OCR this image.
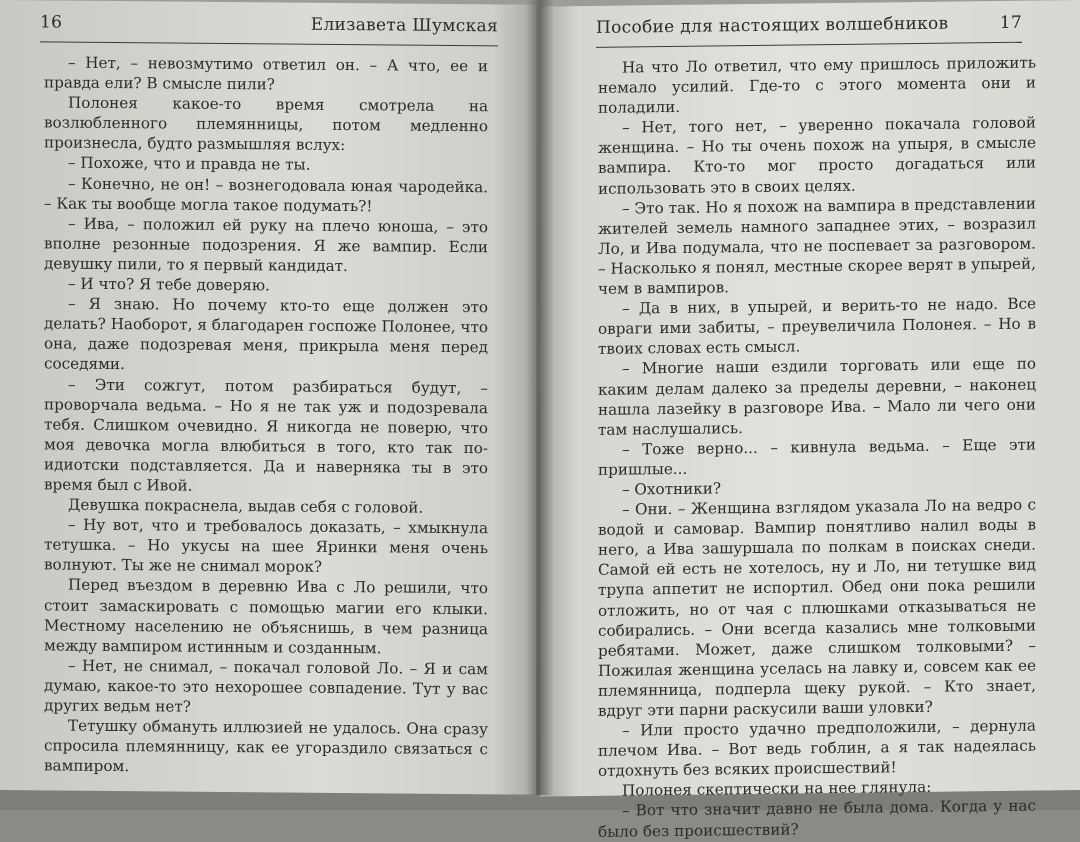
16	Елизавета Шумская

– Нет, – невозмутимо ответил он. – А что, ее и правда ели? В смысле пили?

Полонея какое-то время смотрела на возлюбленного племянницы, потом медленно произнесла, будто размышляя вслух:

– Похоже, что и правда не ты.

– Конечно, не он! – вознегодовала юная чародейка. – Как ты вообще могла такое подумать?!

– Ива, – положил ей руку на плечо юноша, – это вполне резонные подозрения. Я же вампир. Если девушку пили, то я первый кандидат.

– И что? Я тебе доверяю.

– Я знаю. Но почему кто-то еще должен это делать? Наоборот, я благодарен госпоже Полонее, что она, даже подозревая меня, прикрыла меня перед соседями.

– Эти сожгут, потом разбираться будут, – проворчала ведьма. – Но я не так уж и подозревала тебя. Слишком очевидно. Я никогда не поверю, что моя девочка могла влюбиться в того, кто так по-идиотски подставляется. Да и наверняка ты в это время был с Ивой.

Девушка покраснела, выдав себя с головой.

– Ну вот, что и требовалось доказать, – хмыкнула тетушка. – Но укусы на шее Яринки меня очень волнуют. Ты же не снимал морок?

Перед въездом в деревню Ива с Ло решили, что стоит замаскировать с помощью магии его клыки. Местному населению не объяснишь, в чем разница между вампиром истинным и созданным.

– Нет, не снимал, – покачал головой Ло. – Я и сам думаю, какое-то это нехорошее совпадение. Тут у вас других ведьм нет?

Тетушку обмануть иллюзией не удалось. Она сразу спросила племянницу, как ее угораздило связаться с вампиром.

Пособие для настоящих волшебников	17

На что Ло ответил, что ему пришлось приложить немало усилий. Где-то с этого момента они и поладили.

– Нет, того нет, – уверенно покачала головой женщина. – Но ты очень похож на упыря, в смысле вампира. Кто-то мог просто догадаться или использовать это в своих целях.

– Это так. Но я похож на вампира в представлении жителей земель намного западнее этих, – возразил Ло, и Ива подумала, что не поспевает за разговором. – Насколько я понял, местные скорее верят в упырей, чем в вампиров.

– Да в них, в упырей, и верить-то не надо. Все овраги ими забиты, – преувеличила Полонея. – Но в твоих словах есть смысл.

– Многие наши ездили торговать или еще по каким делам далеко за пределы деревни, – наконец нашла лазейку в разговоре Ива. – Мало ли чего они там наслушались.

– Тоже верно... – кивнула ведьма. – Еще эти пришлые...

– Охотники?

– Они. – Женщина взглядом указала Ло на ведро с водой и самовар. Вампир понятливо налил воды в него, а Ива зашуршала по полкам в поисках снеди. Самой ей есть не хотелось, ну и Ло, ни тетушке вид трупа аппетит не испортил. Обед они пока решили отложить, но от чая с плюшками отказываться не собирались. – Они всегда казались мне толковыми ребятами. Может, даже слишком толковыми? – Пожилая женщина уселась на лавку и, совсем как ее племянница, подперла щеку рукой. – Кто знает, вдруг эти парни раскусили ваши уловки?

– Или просто удачно предположили, – дернула плечом Ива. – Вот ведь гоблин, а я так надеялась отдохнуть без всяких происшествий!

Полонея скептически на нее глянула:

– Вот что значит давно не была дома. Когда у нас было без происшествий?
